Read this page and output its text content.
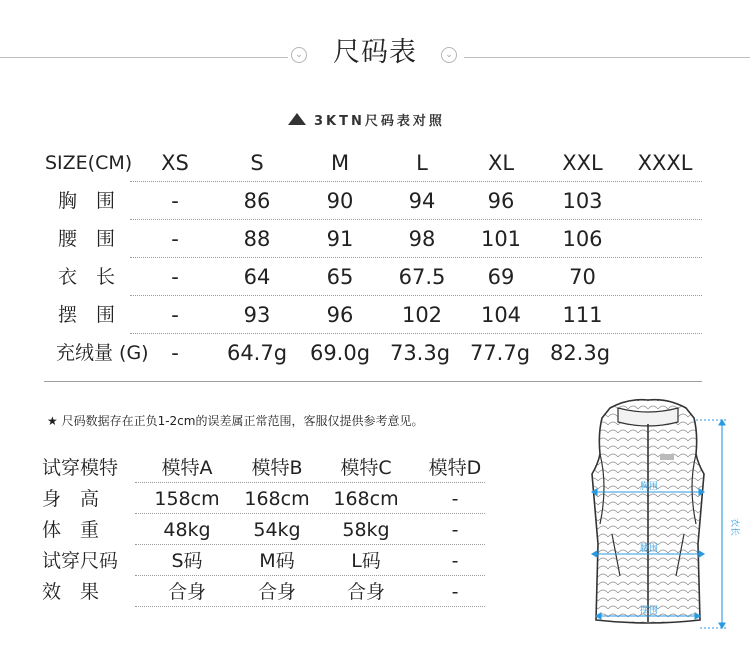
⌄	尺码表	⌄
3KTN尺码表对照
SIZE(CM)	XS	S	M	L	XL	XXL	XXXL
胸　围	-	86	90	94	96	103
腰　围	-	88	91	98	101	106
衣　长	-	64	65	67.5	69	70
摆　围	-	93	96	102	104	111
充绒量 (G)	-	64.7g	69.0g 73.3g 77.7g 82.3g
★ 尺码数据存在正负1-2cm的误差属正常范围，客服仅提供参考意见。
试穿模特	模特A	模特B	模特C	模特D
身　高	158cm	168cm	168cm	-
体　重	48kg	54kg	58kg	-
试穿尺码	S码	M码	L码	-
效　果	合身	合身	合身	-
胸围
腰围
摆围
衣长
